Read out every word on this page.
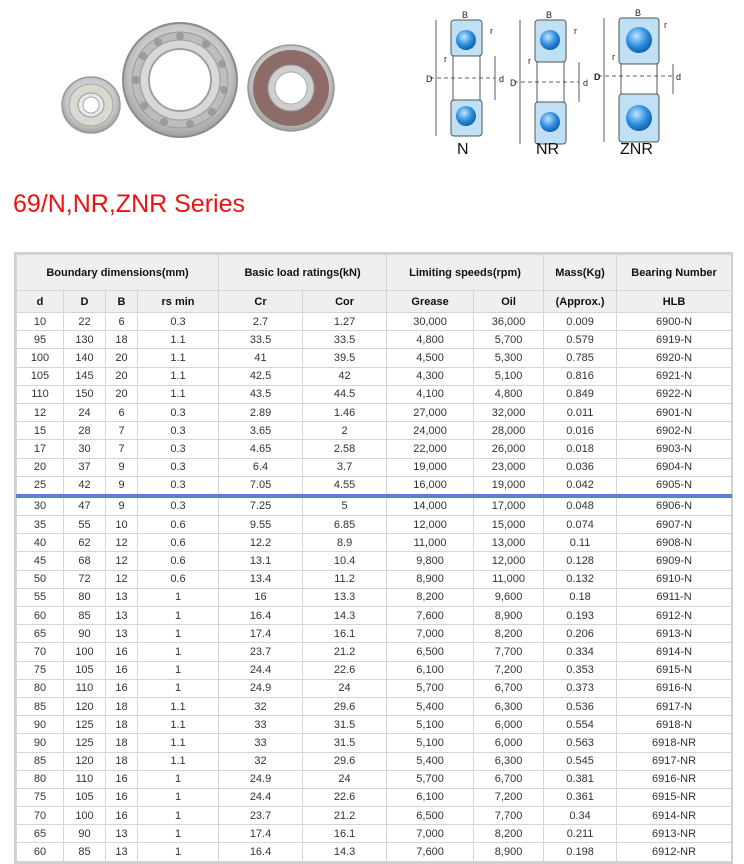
B
r
r
D	d
N
B
r
r
D	d
NR
B
r
r
D	d
ZNR
69/N,NR,ZNR Series
Boundary dimensions(mm)				Basic load ratings(kN)		Limiting speeds(rpm)		Mass(Kg)	Bearing Number
d	D	B	rs min	Cr	Cor	Grease	Oil	(Approx.)	HLB
10	22	6	0.3	2.7	1.27	30,000	36,000	0.009	6900-N
95	130	18	1.1	33.5	33.5	4,800	5,700	0.579	6919-N
100	140	20	1.1	41	39.5	4,500	5,300	0.785	6920-N
105	145	20	1.1	42.5	42	4,300	5,100	0.816	6921-N
110	150	20	1.1	43.5	44.5	4,100	4,800	0.849	6922-N
12	24	6	0.3	2.89	1.46	27,000	32,000	0.011	6901-N
15	28	7	0.3	3.65	2	24,000	28,000	0.016	6902-N
17	30	7	0.3	4.65	2.58	22,000	26,000	0.018	6903-N
20	37	9	0.3	6.4	3.7	19,000	23,000	0.036	6904-N
25	42	9	0.3	7.05	4.55	16,000	19,000	0.042	6905-N
30	47	9	0.3	7.25	5	14,000	17,000	0.048	6906-N
35	55	10	0.6	9.55	6.85	12,000	15,000	0.074	6907-N
40	62	12	0.6	12.2	8.9	11,000	13,000	0.11	6908-N
45	68	12	0.6	13.1	10.4	9,800	12,000	0.128	6909-N
50	72	12	0.6	13.4	11.2	8,900	11,000	0.132	6910-N
55	80	13	1	16	13.3	8,200	9,600	0.18	6911-N
60	85	13	1	16.4	14.3	7,600	8,900	0.193	6912-N
65	90	13	1	17.4	16.1	7,000	8,200	0.206	6913-N
70	100	16	1	23.7	21.2	6,500	7,700	0.334	6914-N
75	105	16	1	24.4	22.6	6,100	7,200	0.353	6915-N
80	110	16	1	24.9	24	5,700	6,700	0.373	6916-N
85	120	18	1.1	32	29.6	5,400	6,300	0.536	6917-N
90	125	18	1.1	33	31.5	5,100	6,000	0.554	6918-N
90	125	18	1.1	33	31.5	5,100	6,000	0.563	6918-NR
85	120	18	1.1	32	29.6	5,400	6,300	0.545	6917-NR
80	110	16	1	24.9	24	5,700	6,700	0.381	6916-NR
75	105	16	1	24.4	22.6	6,100	7,200	0.361	6915-NR
70	100	16	1	23.7	21.2	6,500	7,700	0.34	6914-NR
65	90	13	1	17.4	16.1	7,000	8,200	0.211	6913-NR
60	85	13	1	16.4	14.3	7,600	8,900	0.198	6912-NR
